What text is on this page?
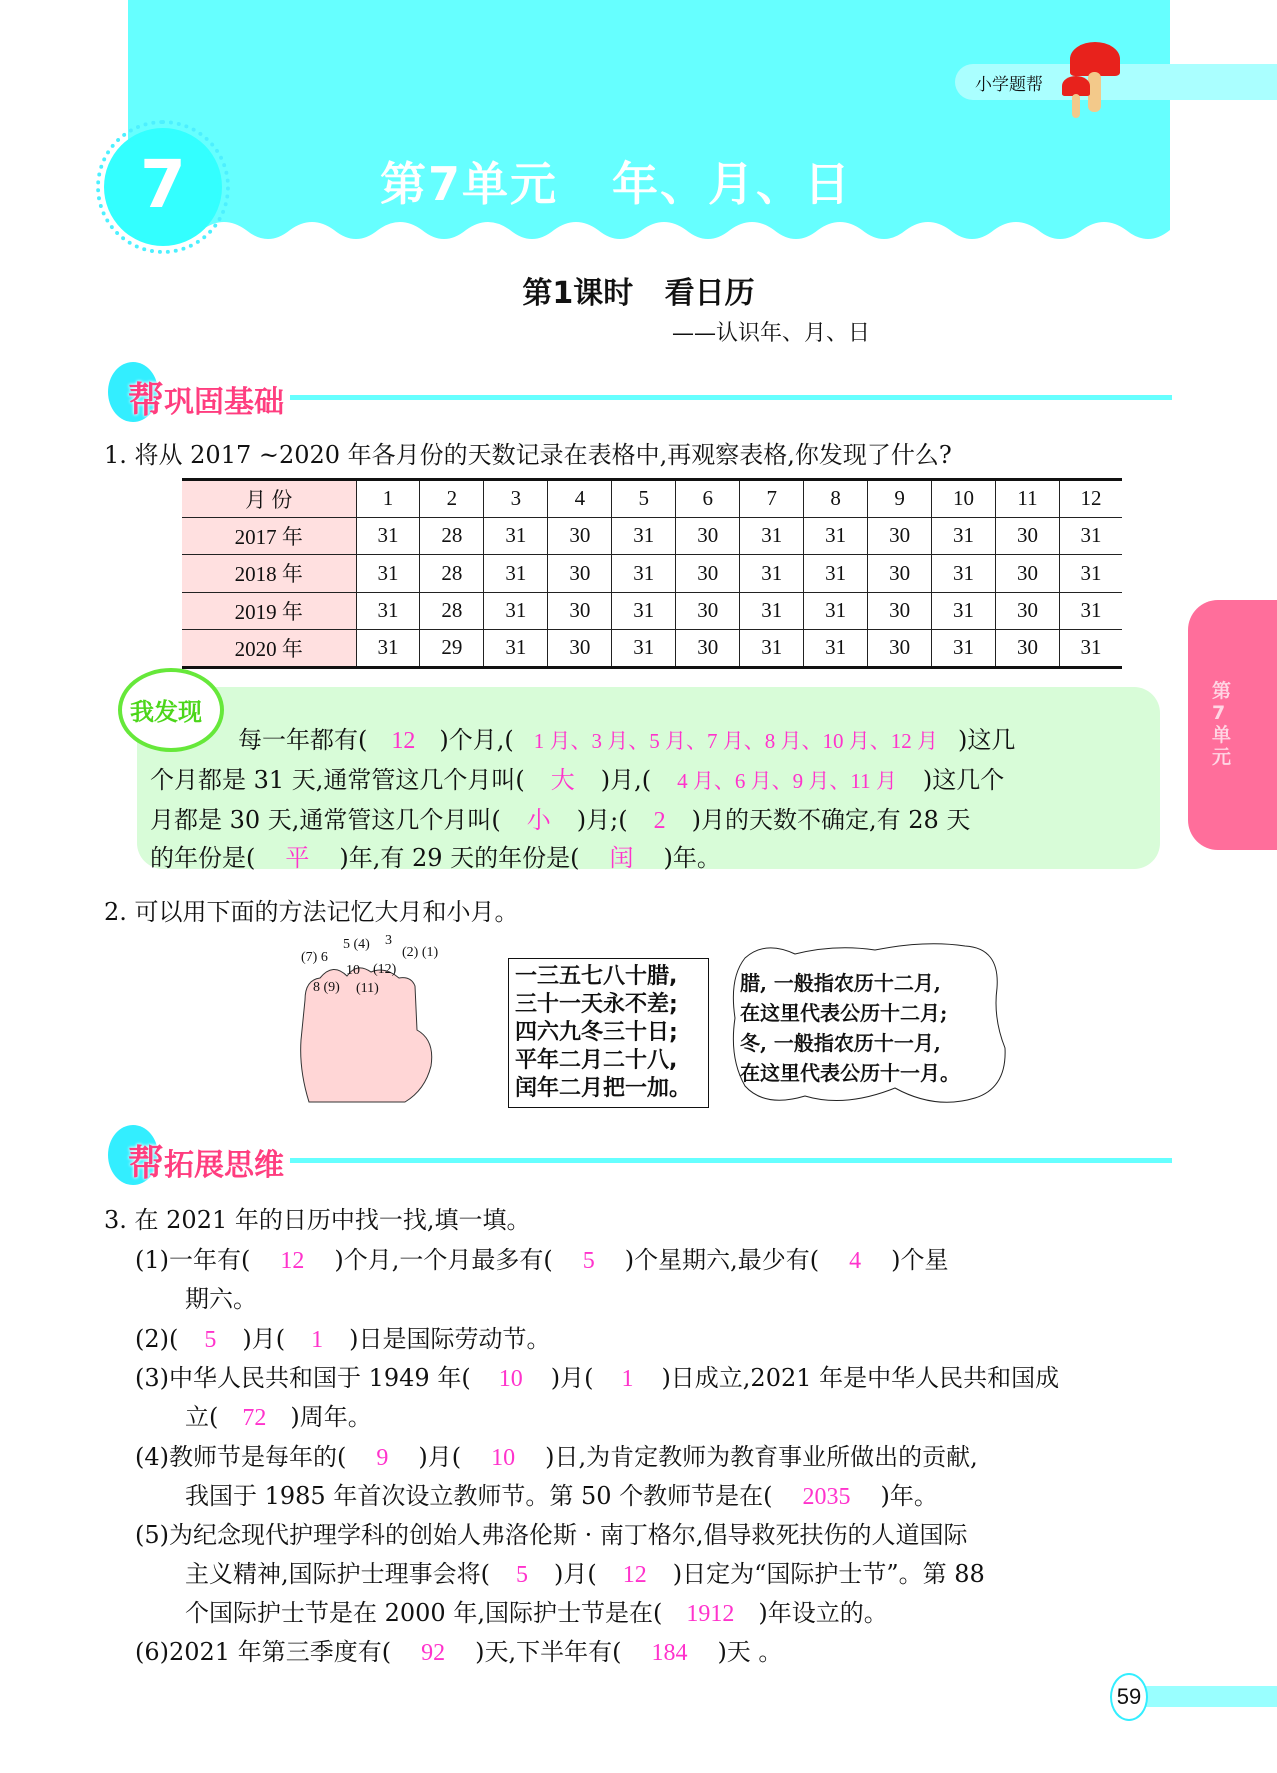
7	第7单元   年、月、日
小学题帮
第1课时   看日历
——认识年、月、日
帮巩固基础
1. 将从 2017 ~2020 年各月份的天数记录在表格中,再观察表格,你发现了什么?
月 份	1	2	3	4	5	6	7	8	9	10	11	12
2017 年	31	28	31	30	31	30	31	31	30	31	30	31
2018 年	31	28	31	30	31	30	31	31	30	31	30	31
2019 年	31	28	31	30	31	30	31	31	30	31	30	31
2020 年	31	29	31	30	31	30	31	31	30	31	30	31
我发现
每一年都有( 12 )个月,( 1 月、3 月、5 月、7 月、8 月、10 月、12 月 )这几
个月都是 31 天,通常管这几个月叫( 大 )月,( 4 月、6 月、9 月、11 月 )这几个
月都是 30 天,通常管这几个月叫( 小 )月;( 2 )月的天数不确定,有 28 天
的年份是( 平 )年,有 29 天的年份是( 闰 )年。
第7单元
2. 可以用下面的方法记忆大月和小月。
(7) 6
5 (4) 3
(2) (1)
10 (12)
8 (9) (11)	一三五七八十腊,
三十一天永不差;
四六九冬三十日;
平年二月二十八,
闰年二月把一加。
腊, 一般指农历十二月,
在这里代表公历十二月;
冬, 一般指农历十一月,
在这里代表公历十一月。
帮拓展思维
3. 在 2021 年的日历中找一找,填一填。
(1)一年有( 12 )个月,一个月最多有( 5 )个星期六,最少有( 4 )个星
期六。
(2)( 5 )月( 1 )日是国际劳动节。
(3)中华人民共和国于 1949 年( 10 )月( 1 )日成立,2021 年是中华人民共和国成
立( 72 )周年。
(4)教师节是每年的( 9 )月( 10 )日,为肯定教师为教育事业所做出的贡献,
我国于 1985 年首次设立教师节。第 50 个教师节是在( 2035 )年。
(5)为纪念现代护理学科的创始人弗洛伦斯 · 南丁格尔,倡导救死扶伤的人道国际
主义精神,国际护士理事会将( 5 )月( 12 )日定为“国际护士节”。第 88
个国际护士节是在 2000 年,国际护士节是在( 1912 )年设立的。
(6)2021 年第三季度有( 92 )天,下半年有( 184 )天 。
59
